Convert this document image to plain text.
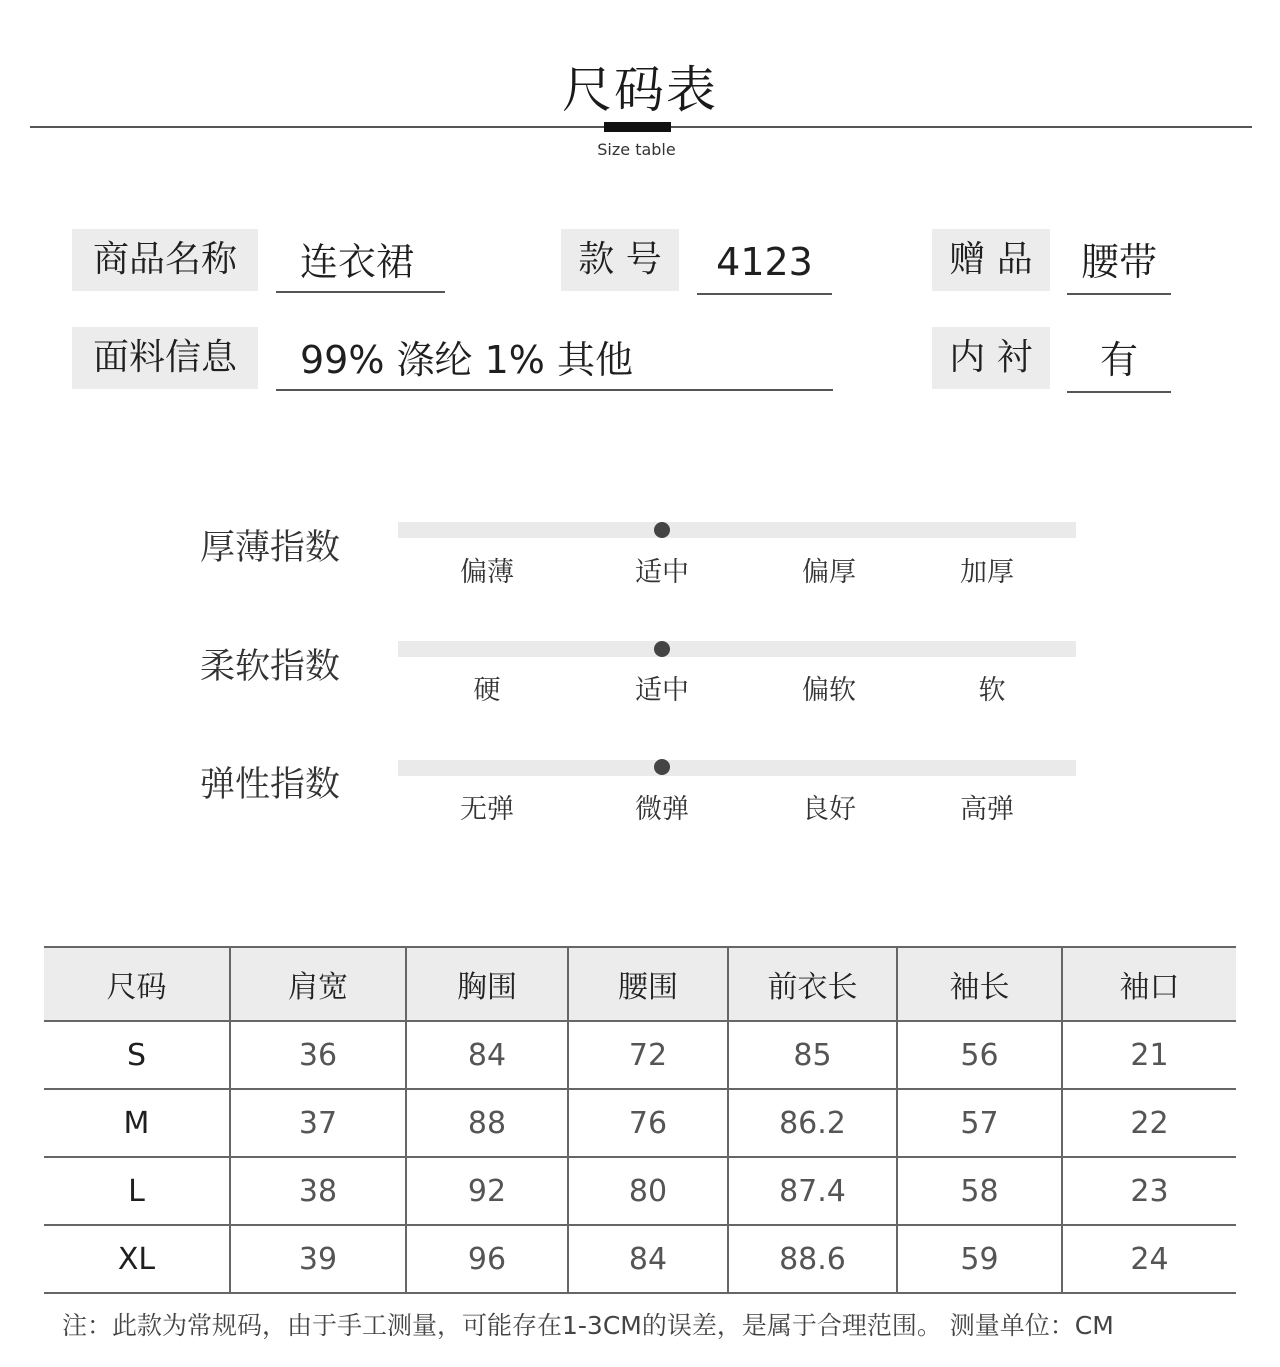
尺码表
Size table
商品名称	连衣裙	款 号	4123	赠 品	腰带
面料信息	99% 涤纶 1% 其他	内 衬	有
厚薄指数
偏薄	适中	偏厚	加厚
柔软指数
硬	适中	偏软	软
弹性指数
无弹	微弹	良好	高弹
尺码	肩宽	胸围	腰围	前衣长	袖长	袖口
S	36	84	72	85	56	21
M	37	88	76	86.2	57	22
L	38	92	80	87.4	58	23
XL	39	96	84	88.6	59	24
注：此款为常规码，由于手工测量，可能存在1-3CM的误差，是属于合理范围。 测量单位：CM
